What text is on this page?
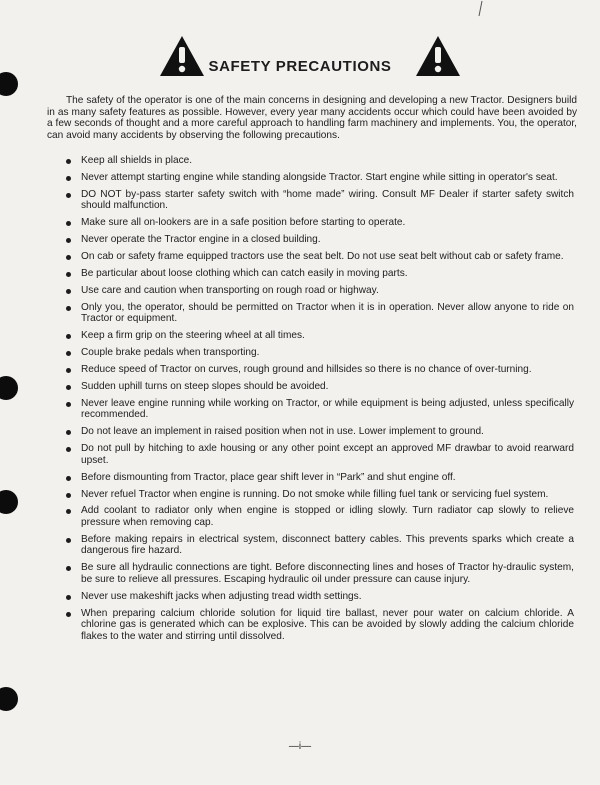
SAFETY PRECAUTIONS

The safety of the operator is one of the main concerns in designing and developing a new Tractor. Designers build in as many safety features as possible. However, every year many accidents occur which could have been avoided by a few seconds of thought and a more careful approach to handling farm machinery and implements. You, the operator, can avoid many accidents by observing the following precautions.

Keep all shields in place.
Never attempt starting engine while standing alongside Tractor. Start engine while sitting in operator's seat.
DO NOT by-pass starter safety switch with “home made” wiring. Consult MF Dealer if starter safety switch should malfunction.
Make sure all on-lookers are in a safe position before starting to operate.
Never operate the Tractor engine in a closed building.
On cab or safety frame equipped tractors use the seat belt. Do not use seat belt without cab or safety frame.
Be particular about loose clothing which can catch easily in moving parts.
Use care and caution when transporting on rough road or highway.
Only you, the operator, should be permitted on Tractor when it is in operation. Never allow anyone to ride on Tractor or equipment.
Keep a firm grip on the steering wheel at all times.
Couple brake pedals when transporting.
Reduce speed of Tractor on curves, rough ground and hillsides so there is no chance of over-turning.
Sudden uphill turns on steep slopes should be avoided.
Never leave engine running while working on Tractor, or while equipment is being adjusted, unless specifically recommended.
Do not leave an implement in raised position when not in use. Lower implement to ground.
Do not pull by hitching to axle housing or any other point except an approved MF drawbar to avoid rearward upset.
Before dismounting from Tractor, place gear shift lever in “Park” and shut engine off.
Never refuel Tractor when engine is running. Do not smoke while filling fuel tank or servicing fuel system.
Add coolant to radiator only when engine is stopped or idling slowly. Turn radiator cap slowly to relieve pressure when removing cap.
Before making repairs in electrical system, disconnect battery cables. This prevents sparks which create a dangerous fire hazard.
Be sure all hydraulic connections are tight. Before disconnecting lines and hoses of Tractor hy-draulic system, be sure to relieve all pressures. Escaping hydraulic oil under pressure can cause injury.
Never use makeshift jacks when adjusting tread width settings.
When preparing calcium chloride solution for liquid tire ballast, never pour water on calcium chloride. A chlorine gas is generated which can be explosive. This can be avoided by slowly adding the calcium chloride flakes to the water and stirring until dissolved.
—i—
